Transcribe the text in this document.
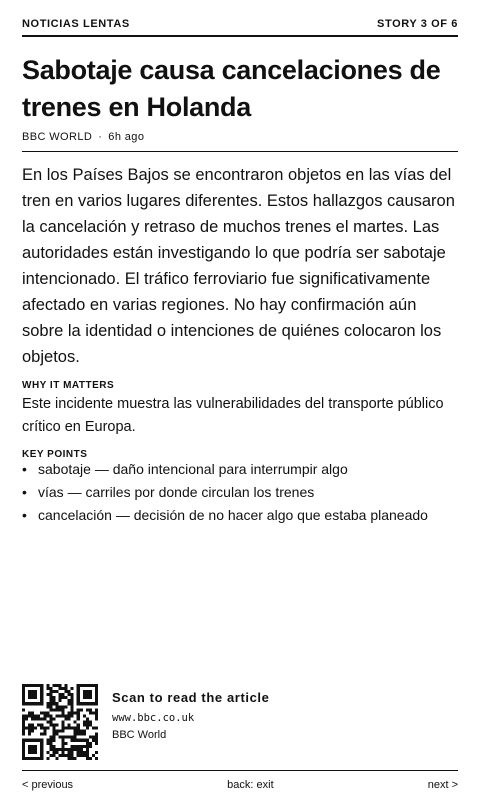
NOTICIAS LENTAS	STORY 3 OF 6
Sabotaje causa cancelaciones de trenes en Holanda
BBC WORLD · 6h ago

En los Países Bajos se encontraron objetos en las vías del tren en varios lugares diferentes. Estos hallazgos causaron la cancelación y retraso de muchos trenes el martes. Las autoridades están investigando lo que podría ser sabotaje intencionado. El tráfico ferroviario fue significativamente afectado en varias regiones. No hay confirmación aún sobre la identidad o intenciones de quiénes colocaron los objetos.

WHY IT MATTERS

Este incidente muestra las vulnerabilidades del transporte público crítico en Europa.

KEY POINTS
• sabotaje — daño intencional para interrumpir algo
• vías — carriles por donde circulan los trenes
• cancelación — decisión de no hacer algo que estaba planeado
Scan to read the article
www.bbc.co.uk
BBC World
< previous	back: exit	next >
